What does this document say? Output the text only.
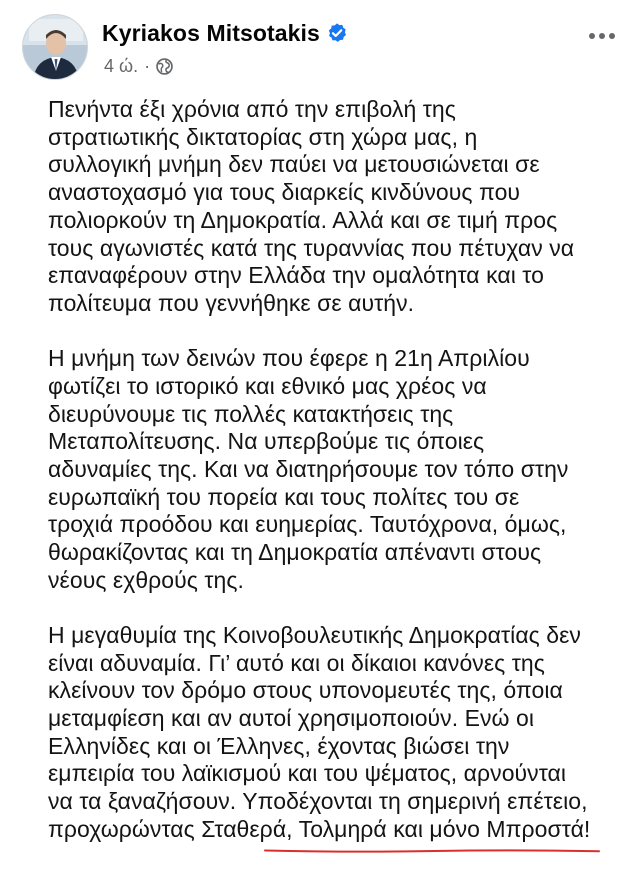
Kyriakos Mitsotakis
4 ώ. ·

Πενήντα έξι χρόνια από την επιβολή της
στρατιωτικής δικτατορίας στη χώρα μας, η
συλλογική μνήμη δεν παύει να μετουσιώνεται σε
αναστοχασμό για τους διαρκείς κινδύνους που
πολιορκούν τη Δημοκρατία. Αλλά και σε τιμή προς
τους αγωνιστές κατά της τυραννίας που πέτυχαν να
επαναφέρουν στην Ελλάδα την ομαλότητα και το
πολίτευμα που γεννήθηκε σε αυτήν.

Η μνήμη των δεινών που έφερε η 21η Απριλίου
φωτίζει το ιστορικό και εθνικό μας χρέος να
διευρύνουμε τις πολλές κατακτήσεις της
Μεταπολίτευσης. Να υπερβούμε τις όποιες
αδυναμίες της. Και να διατηρήσουμε τον τόπο στην
ευρωπαϊκή του πορεία και τους πολίτες του σε
τροχιά προόδου και ευημερίας. Ταυτόχρονα, όμως,
θωρακίζοντας και τη Δημοκρατία απέναντι στους
νέους εχθρούς της.

Η μεγαθυμία της Κοινοβουλευτικής Δημοκρατίας δεν
είναι αδυναμία. Γι’ αυτό και οι δίκαιοι κανόνες της
κλείνουν τον δρόμο στους υπονομευτές της, όποια
μεταμφίεση και αν αυτοί χρησιμοποιούν. Ενώ οι
Ελληνίδες και οι Έλληνες, έχοντας βιώσει την
εμπειρία του λαϊκισμού και του ψέματος, αρνούνται
να τα ξαναζήσουν. Υποδέχονται τη σημερινή επέτειο,
προχωρώντας Σταθερά, Τολμηρά και μόνο Μπροστά!
